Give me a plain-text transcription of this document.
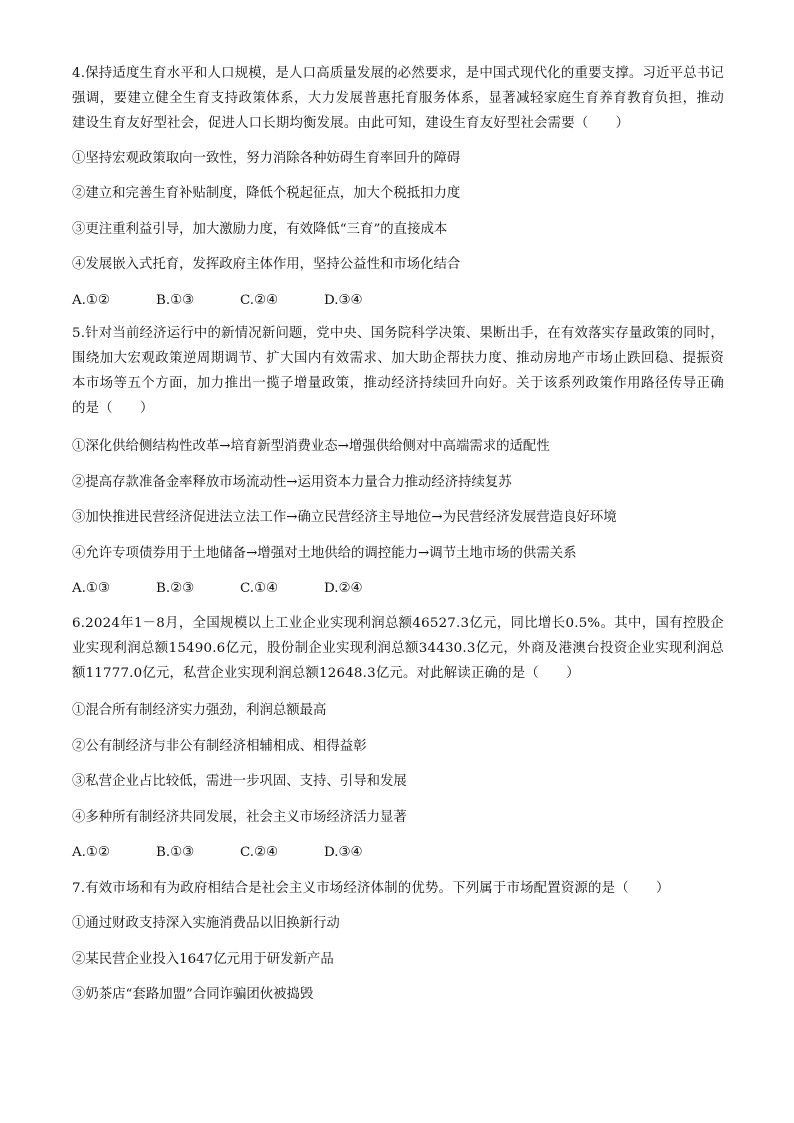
4.保持适度生育水平和人口规模，是人口高质量发展的必然要求，是中国式现代化的重要支撑。习近平总书记强调，要建立健全生育支持政策体系，大力发展普惠托育服务体系，显著减轻家庭生育养育教育负担，推动建设生育友好型社会，促进人口长期均衡发展。由此可知，建设生育友好型社会需要（　　）

①坚持宏观政策取向一致性，努力消除各种妨碍生育率回升的障碍

②建立和完善生育补贴制度，降低个税起征点，加大个税抵扣力度

③更注重利益引导，加大激励力度，有效降低“三育”的直接成本

④发展嵌入式托育，发挥政府主体作用，坚持公益性和市场化结合

A.①②	B.①③	C.②④	D.③④

5.针对当前经济运行中的新情况新问题，党中央、国务院科学决策、果断出手，在有效落实存量政策的同时，围绕加大宏观政策逆周期调节、扩大国内有效需求、加大助企帮扶力度、推动房地产市场止跌回稳、提振资本市场等五个方面，加力推出一揽子增量政策，推动经济持续回升向好。关于该系列政策作用路径传导正确的是（　　）

①深化供给侧结构性改革→培育新型消费业态→增强供给侧对中高端需求的适配性

②提高存款准备金率释放市场流动性→运用资本力量合力推动经济持续复苏

③加快推进民营经济促进法立法工作→确立民营经济主导地位→为民营经济发展营造良好环境

④允许专项债券用于土地储备→增强对土地供给的调控能力→调节土地市场的供需关系

A.①③	B.②③	C.①④	D.②④

6.2024年1－8月，全国规模以上工业企业实现利润总额46527.3亿元，同比增长0.5%。其中，国有控股企业实现利润总额15490.6亿元，股份制企业实现利润总额34430.3亿元，外商及港澳台投资企业实现利润总额11777.0亿元，私营企业实现利润总额12648.3亿元。对此解读正确的是（　　）

①混合所有制经济实力强劲，利润总额最高

②公有制经济与非公有制经济相辅相成、相得益彰

③私营企业占比较低，需进一步巩固、支持、引导和发展

④多种所有制经济共同发展，社会主义市场经济活力显著

A.①②	B.①③	C.②④	D.③④

7.有效市场和有为政府相结合是社会主义市场经济体制的优势。下列属于市场配置资源的是（　　）

①通过财政支持深入实施消费品以旧换新行动

②某民营企业投入1647亿元用于研发新产品

③奶茶店“套路加盟”合同诈骗团伙被捣毁
